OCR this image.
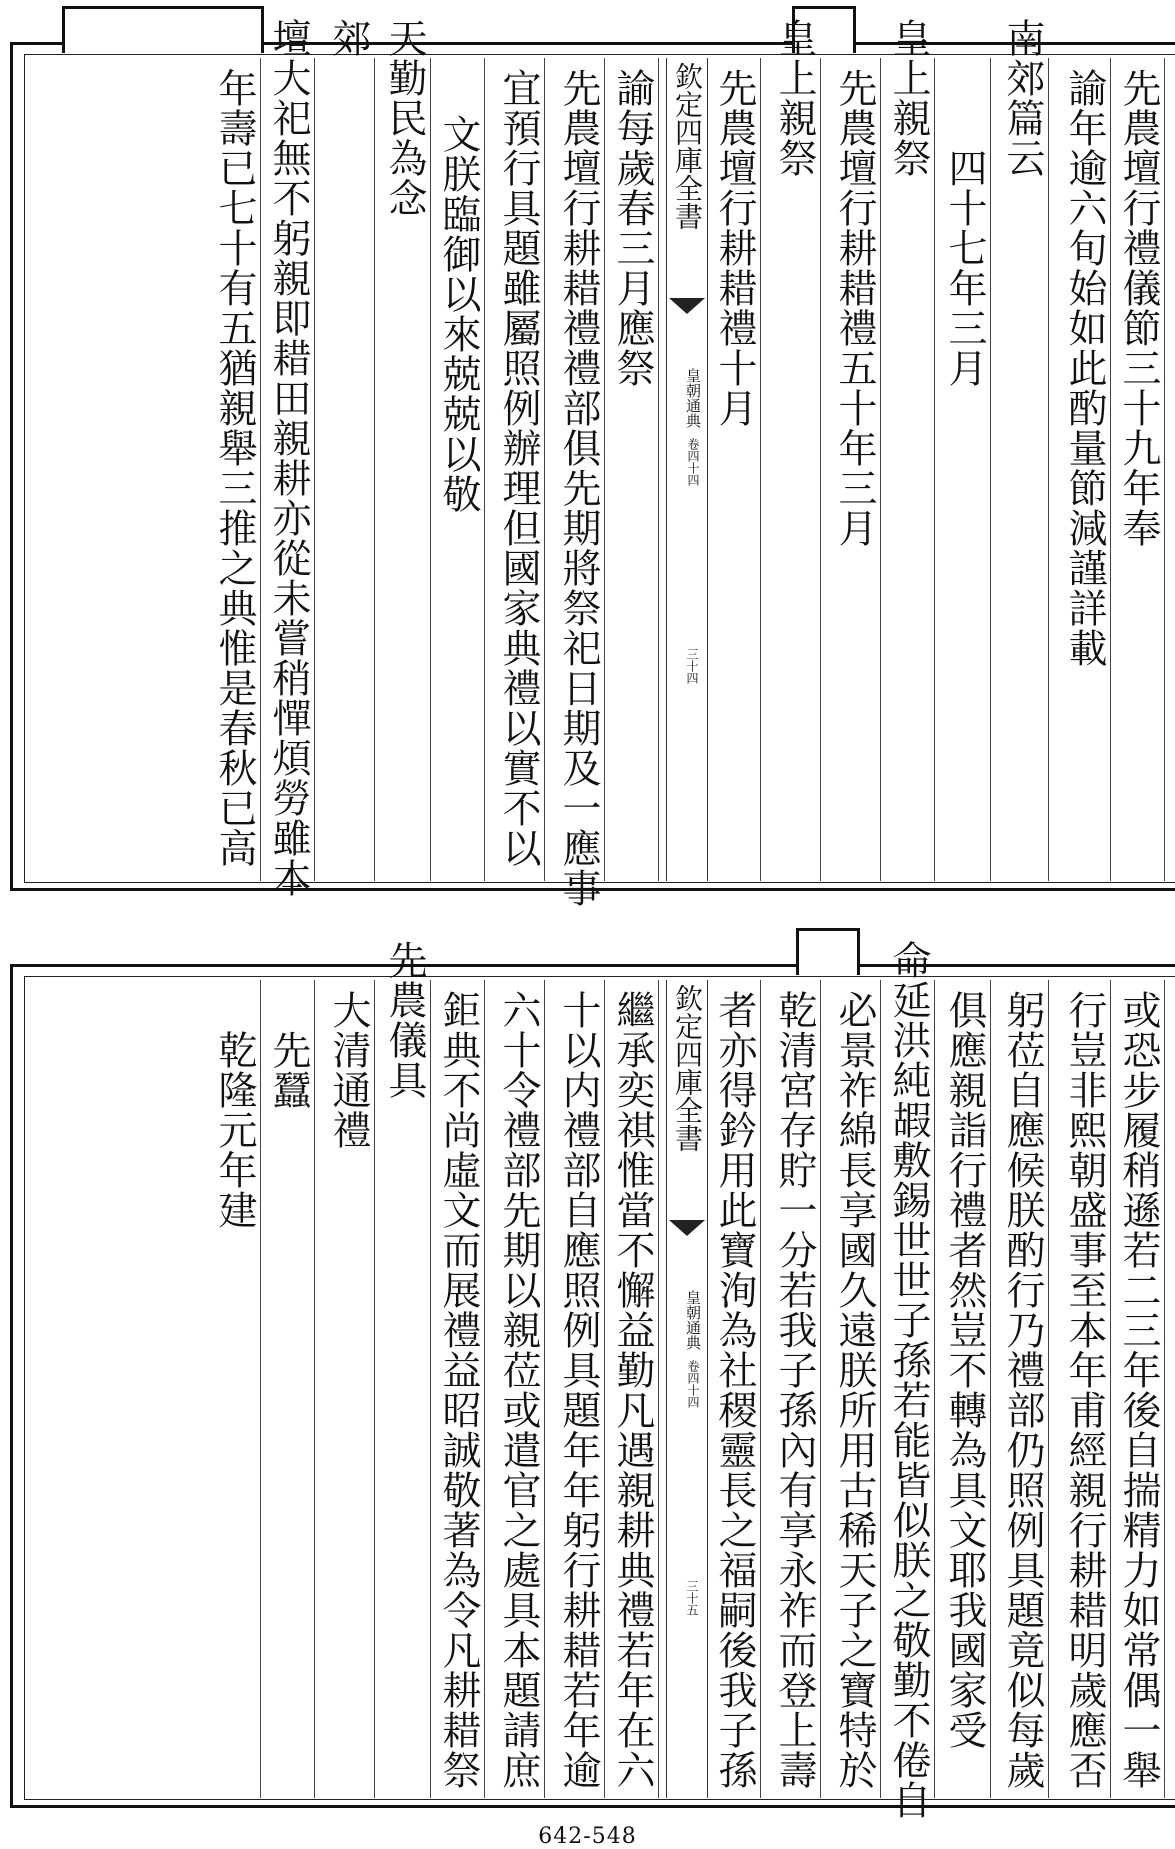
先農壇行禮儀節三十九年奉
諭年逾六旬始如此酌量節減謹詳載
南郊篇云
　　四十七年三月
皇上親祭
先農壇行耕耤禮五十年三月
皇上親祭
先農壇行耕耤禮十月
欽定四庫全書
皇朝通典
卷四十四
三十四
諭每歲春三月應祭
先農壇行耕耤禮禮部俱先期將祭祀日期及一應事
宜預行具題雖屬照例辦理但國家典禮以實不以
文朕臨御以來兢兢以敬
天勤民為念
郊
壇大祀無不躬親即耤田親耕亦從未嘗稍憚煩勞雖本
年壽已七十有五猶親舉三推之典惟是春秋已高
或恐步履稍遜若二三年後自揣精力如常偶一舉
行豈非熙朝盛事至本年甫經親行耕耤明歲應否
躬莅自應候朕酌行乃禮部仍照例具題竟似每歲
俱應親詣行禮者然豈不轉為具文耶我國家受
命延洪純嘏敷錫世世子孫若能皆似朕之敬勤不倦自
必景祚綿長享國久遠朕所用古稀天子之寶特於
乾清宮存貯一分若我子孫內有享永祚而登上壽
者亦得鈐用此寶洵為社稷靈長之福嗣後我子孫
欽定四庫全書
皇朝通典
卷四十四
三十五
繼承奕祺惟當不懈益勤凡遇親耕典禮若年在六
十以内禮部自應照例具題年年躬行耕耤若年逾
六十令禮部先期以親莅或遣官之處具本題請庶
鉅典不尚虛文而展禮益昭誠敬著為令凡耕耤祭
先農儀具
大清通禮
　先蠶
　乾隆元年建
642-548
